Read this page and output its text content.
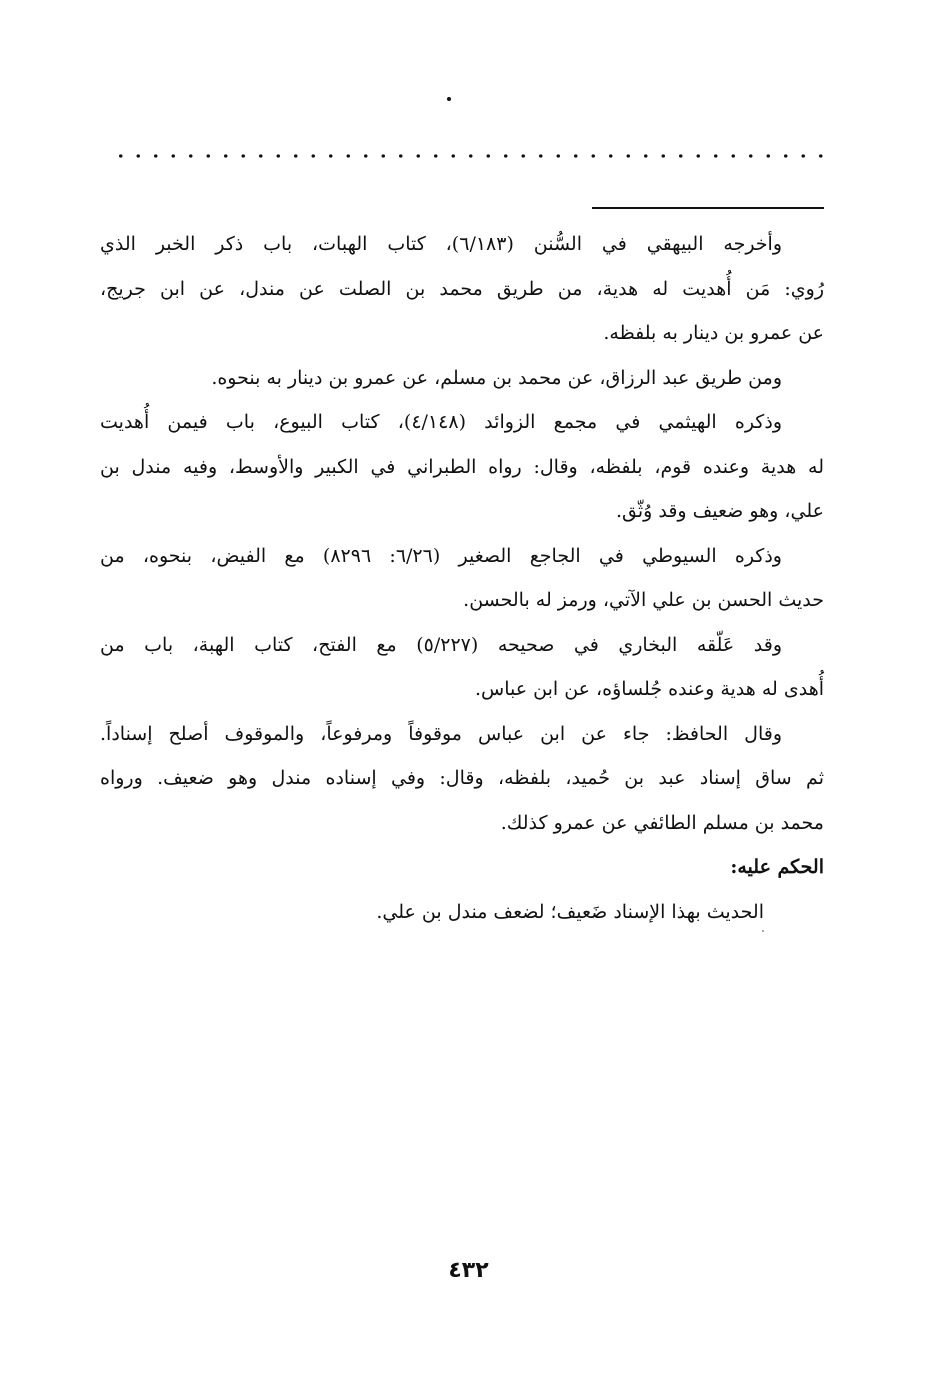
وأخرجه البيهقي في السُّنن (٦/١٨٣)، كتاب الهبات، باب ذكر الخبر الذي
رُوي: مَن أُهديت له هدية، من طريق محمد بن الصلت عن مندل، عن ابن جريج،
عن عمرو بن دينار به بلفظه.

ومن طريق عبد الرزاق، عن محمد بن مسلم، عن عمرو بن دينار به بنحوه.

وذكره الهيثمي في مجمع الزوائد (٤/١٤٨)، كتاب البيوع، باب فيمن أُهديت
له هدية وعنده قوم، بلفظه، وقال: رواه الطبراني في الكبير والأوسط، وفيه مندل بن
علي، وهو ضعيف وقد وُثّق.

وذكره السيوطي في الجاجع الصغير (٦/٢٦: ٨٢٩٦) مع الفيض، بنحوه، من
حديث الحسن بن علي الآتي، ورمز له بالحسن.

وقد عَلّقه البخاري في صحيحه (٥/٢٢٧) مع الفتح، كتاب الهبة، باب من
أُهدى له هدية وعنده جُلساؤه، عن ابن عباس.

وقال الحافظ: جاء عن ابن عباس موقوفاً ومرفوعاً، والموقوف أصلح إسناداً.
ثم ساق إسناد عبد بن حُميد، بلفظه، وقال: وفي إسناده مندل وهو ضعيف. ورواه
محمد بن مسلم الطائفي عن عمرو كذلك.

الحكم عليه:

الحديث بهذا الإسناد ضَعيف؛ لضعف مندل بن علي.

٤٣٢
